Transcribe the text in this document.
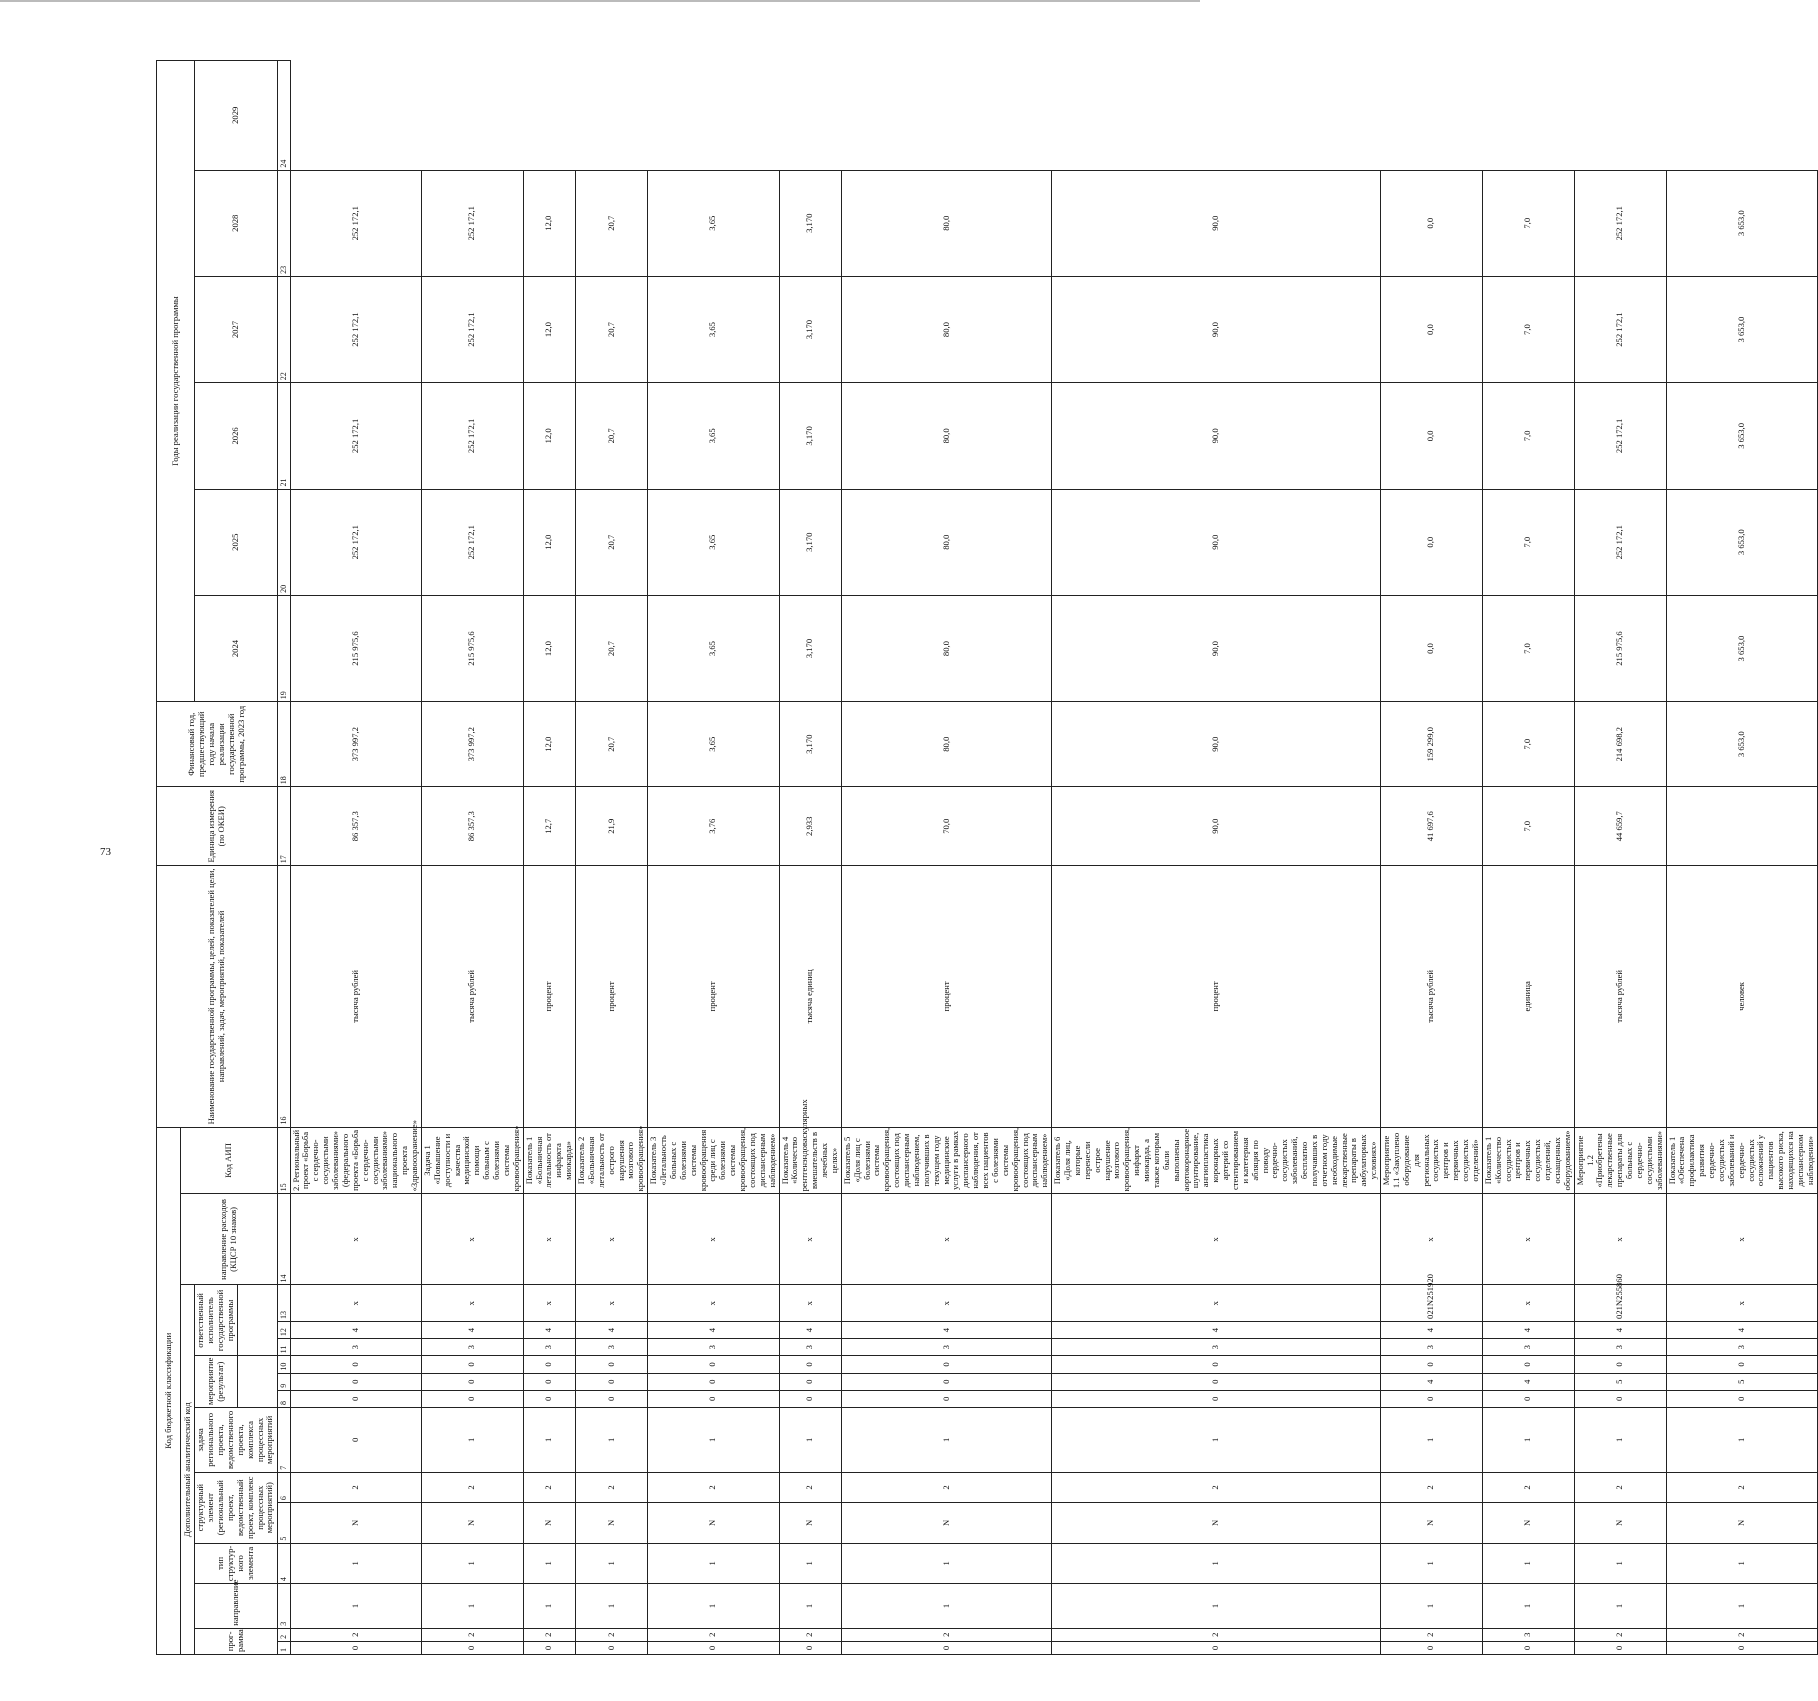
73
Код бюджетной классификации															Наименование государственной программы, целей, показателей цели, направлений, задач, мероприятий, показателей	Единица измерения (по ОКЕИ)	Финансовый год, предшествующий году начала реализации государственной программы, 2023 год	Годы реализации государственной программы					
Дополнительный аналитический код													направление расходов (КЦСР 10 знаков)	Код АИП									
прог-рамма		направление	тип структур-ного элемента	структурный элемент (региональный проект, ведомственный проект, комплекс процессных мероприятий)		задача регионального проекта, ведомственного проекта, комплекса процессных мероприятий	мероприятие (результат)			ответственный исполнитель государственной программы								2024	2025	2026	2027	2028	2029

1	2	3	4	5	6	7	8	9	10	11	12	13	14	15	16	17	18	19	20	21	22	23	24
0	2	1	1	N	2	0	0	0	0	3	4	х	х	2. Региональный проект «Борьба с сердечно-сосудистыми заболеваниями» (федерального проекта «Борьба с сердечно-сосудистыми заболеваниями» национального проекта «Здравоохранение»	тысяча рублей	86 357,3	373 997,2	215 975,6	252 172,1	252 172,1	252 172,1	252 172,1	
0	2	1	1	N	2	1	0	0	0	3	4	х	х	Задача 1 «Повышение доступности и качества медицинской помощи больным с болезнями системы кровообращения»	тысяча рублей	86 357,3	373 997,2	215 975,6	252 172,1	252 172,1	252 172,1	252 172,1	
0	2	1	1	N	2	1	0	0	0	3	4	х	х	Показатель 1 «Больничная летальность от инфаркта миокарда»	процент	12,7	12,0	12,0	12,0	12,0	12,0	12,0	
0	2	1	1	N	2	1	0	0	0	3	4	х	х	Показатель 2 «Больничная летальность от острого нарушения мозгового кровообращения»	процент	21,9	20,7	20,7	20,7	20,7	20,7	20,7	
0	2	1	1	N	2	1	0	0	0	3	4	х	х	Показатель 3 «Летальность больных с болезнями системы кровообращения среди лиц с болезнями системы кровообращения, состоящих под диспансерным наблюдением»	процент	3,76	3,65	3,65	3,65	3,65	3,65	3,65	
0	2	1	1	N	2	1	0	0	0	3	4	х	х	Показатель 4 «Количество рентгенэндоваскулярных вмешательств в лечебных целях»	тысяча единиц	2,933	3,170	3,170	3,170	3,170	3,170	3,170	
0	2	1	1	N	2	1	0	0	0	3	4	х	х	Показатель 5 «Доля лиц с болезнями системы кровообращения, состоящих под диспансерным наблюдением, получивших в текущем году медицинские услуги в рамках диспансерного наблюдения, от всех пациентов с болезнями системы кровообращения, состоящих под диспансерным наблюдением»	процент	70,0	80,0	80,0	80,0	80,0	80,0	80,0	
0	2	1	1	N	2	1	0	0	0	3	4	х	х	Показатель 6 «Доля лиц, которые перенесли острое нарушение мозгового кровообращения, инфаркт миокарда, а также которым были выполнены аортокоронарное шунтирование, ангиопластика коронарных артерий со стентированием и катетерная абляция по поводу сердечно-сосудистых заболеваний, бесплатно получавших в отчетном году необходимые лекарственные препараты в амбулаторных условиях»	процент	90,0	90,0	90,0	90,0	90,0	90,0	90,0	
0	2	1	1	N	2	1	0	4	0	3	4	021N251920	х	Мероприятие 1.1 «Закуплено оборудование для региональных сосудистых центров и первичных сосудистых отделений»	тысяча рублей	41 697,6	159 299,0	0,0	0,0	0,0	0,0	0,0	
0	3	1	1	N	2	1	0	4	0	3	4	х	х	Показатель 1 «Количество сосудистых центров и первичных сосудистых отделений, оснащенных оборудованием»	единица	7,0	7,0	7,0	7,0	7,0	7,0	7,0	
0	2	1	1	N	2	1	0	5	0	3	4	021N255860	х	Мероприятие 1.2 «Приобретены лекарственные препараты для больных с сердечно-сосудистыми заболеваниями»	тысяча рублей	44 659,7	214 698,2	215 975,6	252 172,1	252 172,1	252 172,1	252 172,1	
0	2	1	1	N	2	1	0	5	0	3	4	х	х	Показатель 1 «Обеспечена профилактика развития сердечно-сосудистых заболеваний и сердечно-сосудистых осложнений у пациентов высокого риска, находящихся на диспансерном наблюдении»	человек		3 653,0	3 653,0	3 653,0	3 653,0	3 653,0	3 653,0	
